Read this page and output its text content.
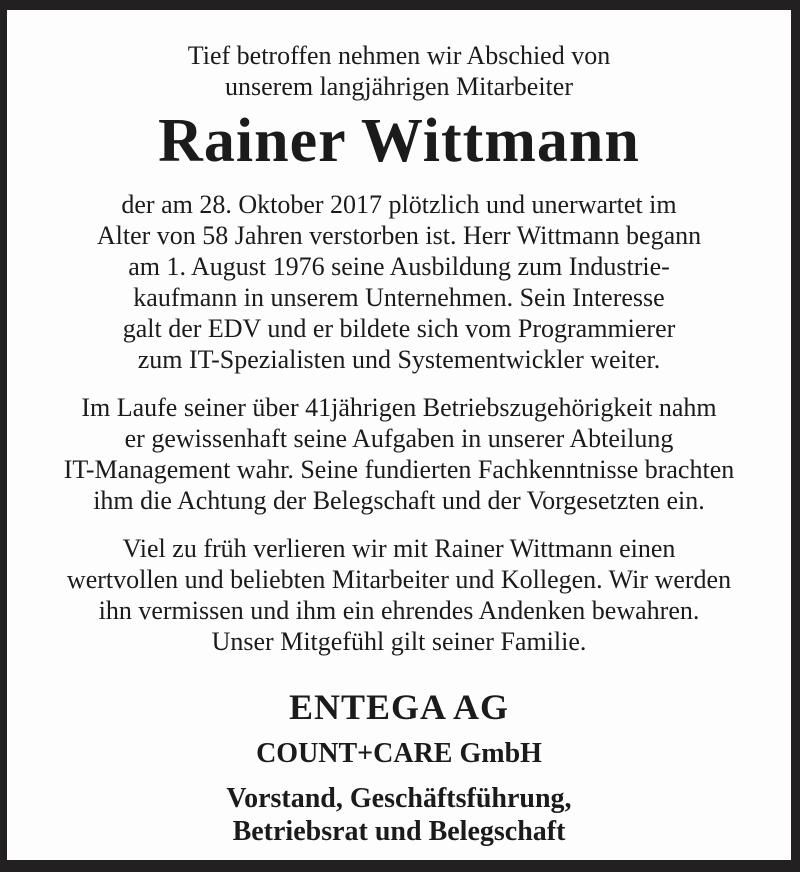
Tief betroffen nehmen wir Abschied von
unserem langjährigen Mitarbeiter
Rainer Wittmann
der am 28. Oktober 2017 plötzlich und unerwartet im
Alter von 58 Jahren verstorben ist. Herr Wittmann begann
am 1. August 1976 seine Ausbildung zum Industrie-
kaufmann in unserem Unternehmen. Sein Interesse
galt der EDV und er bildete sich vom Programmierer
zum IT-Spezialisten und Systementwickler weiter.
Im Laufe seiner über 41jährigen Betriebszugehörigkeit nahm
er gewissenhaft seine Aufgaben in unserer Abteilung
IT-Management wahr. Seine fundierten Fachkenntnisse brachten
ihm die Achtung der Belegschaft und der Vorgesetzten ein.
Viel zu früh verlieren wir mit Rainer Wittmann einen
wertvollen und beliebten Mitarbeiter und Kollegen. Wir werden
ihn vermissen und ihm ein ehrendes Andenken bewahren.
Unser Mitgefühl gilt seiner Familie.
ENTEGA AG
COUNT+CARE GmbH
Vorstand, Geschäftsführung,
Betriebsrat und Belegschaft
